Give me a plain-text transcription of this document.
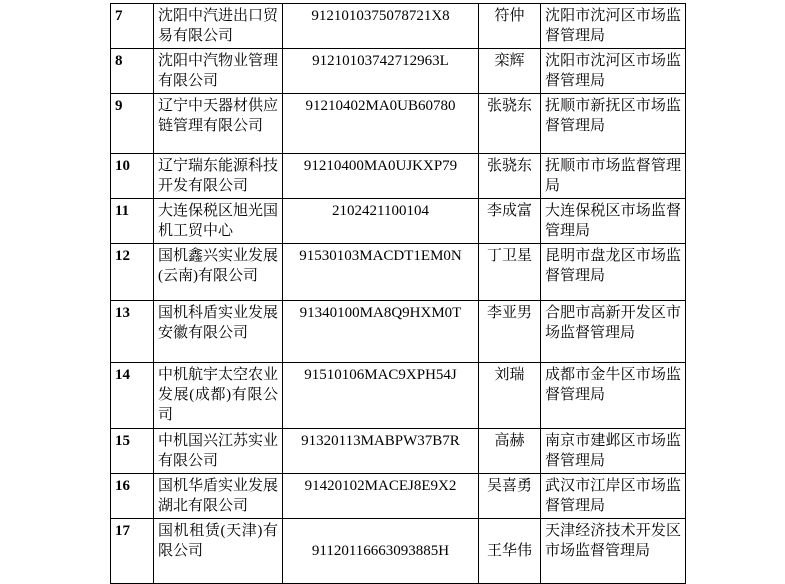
7	沈阳中汽进出口贸易有限公司	9121010375078721X8	符仲	沈阳市沈河区市场监督管理局
8	沈阳中汽物业管理有限公司	91210103742712963L	栾辉	沈阳市沈河区市场监督管理局
9	辽宁中天器材供应链管理有限公司	91210402MA0UB60780	张骁东	抚顺市新抚区市场监督管理局
10	辽宁瑞东能源科技开发有限公司	91210400MA0UJKXP79	张骁东	抚顺市市场监督管理局
11	大连保税区旭光国机工贸中心	2102421100104	李成富	大连保税区市场监督管理局
12	国机鑫兴实业发展(云南)有限公司	91530103MACDT1EM0N	丁卫星	昆明市盘龙区市场监督管理局
13	国机科盾实业发展安徽有限公司	91340100MA8Q9HXM0T	李亚男	合肥市高新开发区市场监督管理局
14	中机航宇太空农业发展(成都)有限公司	91510106MAC9XPH54J	刘瑞	成都市金牛区市场监督管理局
15	中机国兴江苏实业有限公司	91320113MABPW37B7R	高赫	南京市建邺区市场监督管理局
16	国机华盾实业发展湖北有限公司	91420102MACEJ8E9X2	吴喜勇	武汉市江岸区市场监督管理局
17	国机租赁(天津)有限公司	91120116663093885H	王华伟	天津经济技术开发区市场监督管理局
